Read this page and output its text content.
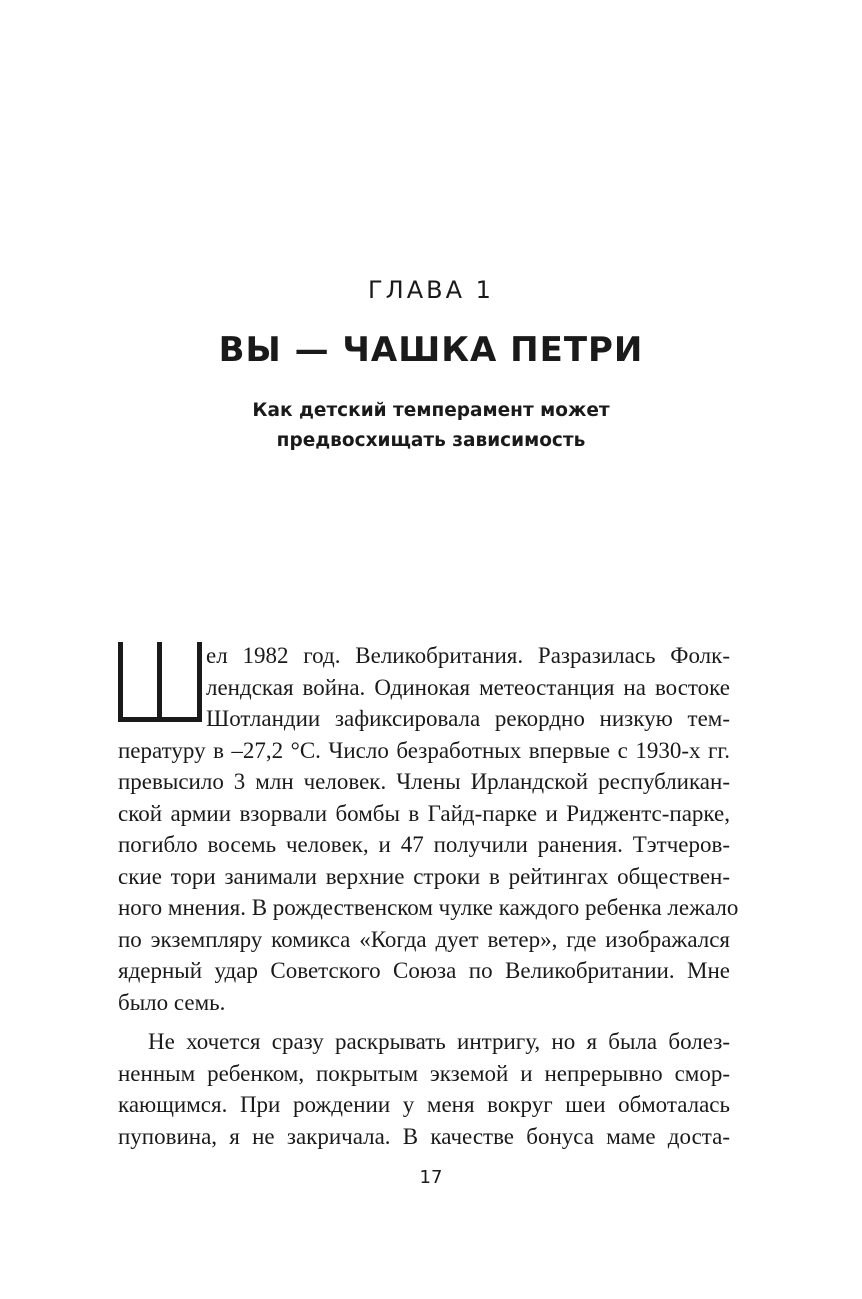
ГЛАВА 1
ВЫ — ЧАШКА ПЕТРИ
Как детский темперамент может
предвосхищать зависимость
ел 1982 год. Великобритания. Разразилась Фолк-
лендская война. Одинокая метеостанция на востоке
Шотландии зафиксировала рекордно низкую тем-
пературу в –27,2 °С. Число безработных впервые с 1930-х гг.
превысило 3 млн человек. Члены Ирландской республикан-
ской армии взорвали бомбы в Гайд-парке и Риджентс-парке,
погибло восемь человек, и 47 получили ранения. Тэтчеров-
ские тори занимали верхние строки в рейтингах обществен-
ного мнения. В рождественском чулке каждого ребенка лежало
по экземпляру комикса «Когда дует ветер», где изображался
ядерный удар Советского Союза по Великобритании. Мне
было семь.
Не хочется сразу раскрывать интригу, но я была болез-
ненным ребенком, покрытым экземой и непрерывно смор-
кающимся. При рождении у меня вокруг шеи обмоталась
пуповина, я не закричала. В качестве бонуса маме доста-
17
